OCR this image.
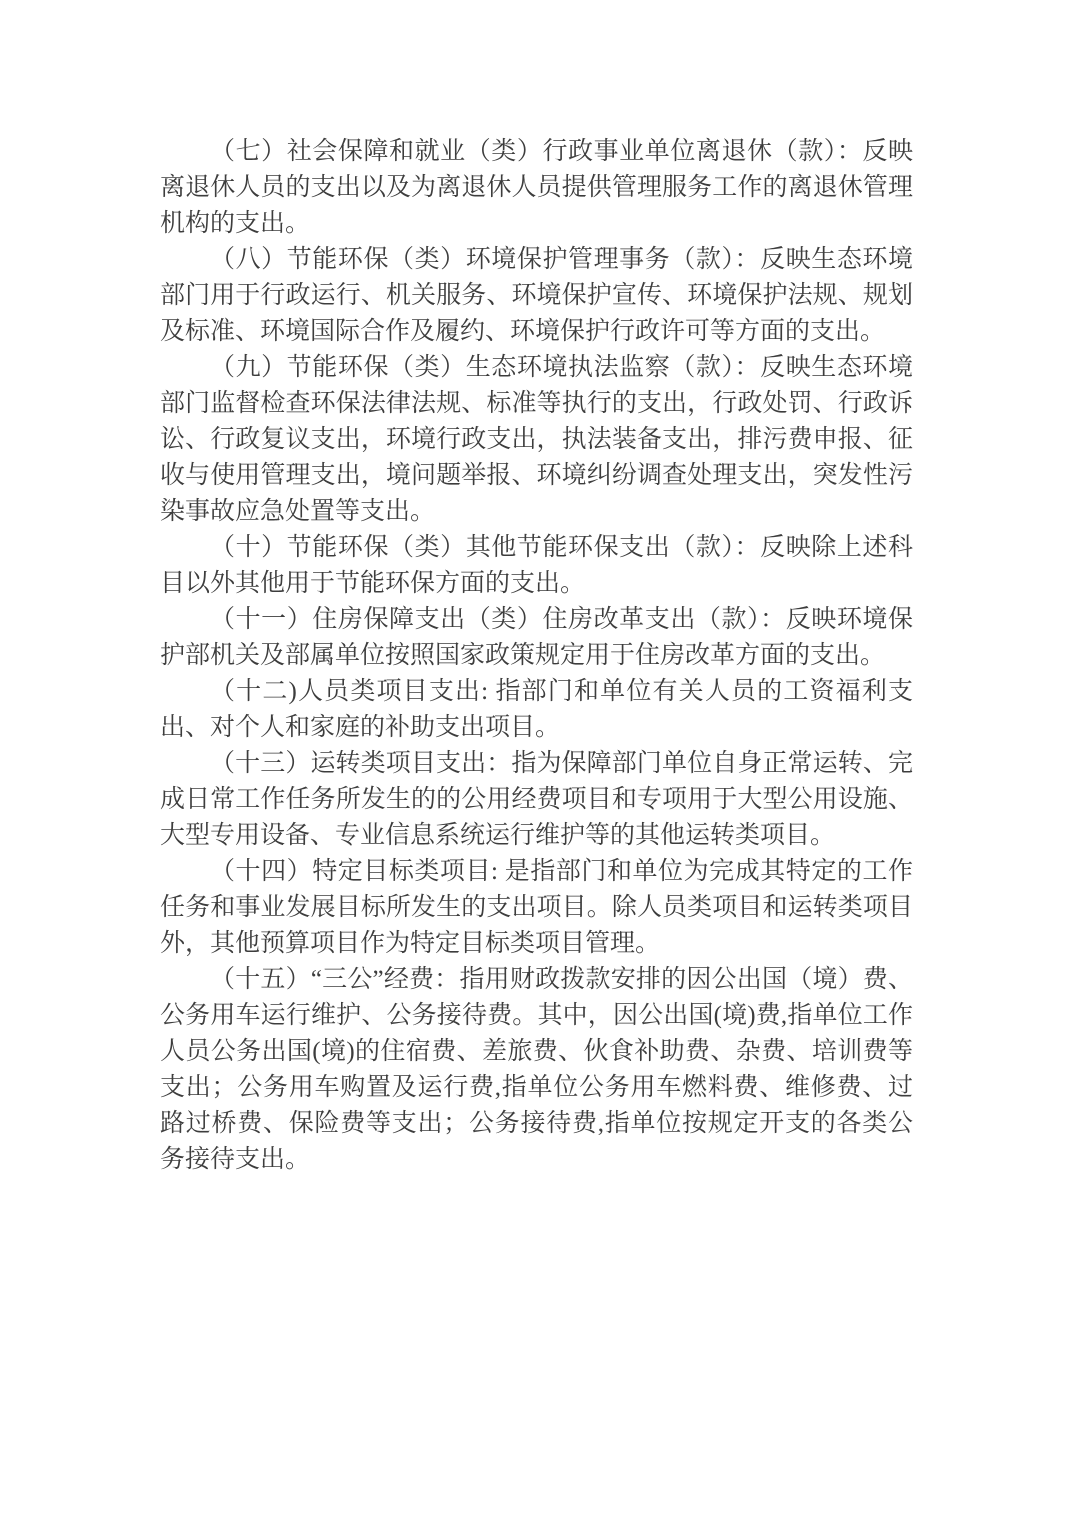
（七）社会保障和就业（类）行政事业单位离退休（款）：反映离退休人员的支出以及为离退休人员提供管理服务工作的离退休管理机构的支出。

（八）节能环保（类）环境保护管理事务（款）：反映生态环境部门用于行政运行、机关服务、环境保护宣传、环境保护法规、规划及标准、环境国际合作及履约、环境保护行政许可等方面的支出。

（九）节能环保（类）生态环境执法监察（款）：反映生态环境部门监督检查环保法律法规、标准等执行的支出，行政处罚、行政诉讼、行政复议支出，环境行政支出，执法装备支出，排污费申报、征收与使用管理支出，境问题举报、环境纠纷调查处理支出，突发性污染事故应急处置等支出。

（十）节能环保（类）其他节能环保支出（款）：反映除上述科目以外其他用于节能环保方面的支出。

（十一）住房保障支出（类）住房改革支出（款）：反映环境保护部机关及部属单位按照国家政策规定用于住房改革方面的支出。

（十二)人员类项目支出: 指部门和单位有关人员的工资福利支出、对个人和家庭的补助支出项目。

（十三）运转类项目支出：指为保障部门单位自身正常运转、完成日常工作任务所发生的的公用经费项目和专项用于大型公用设施、大型专用设备、专业信息系统运行维护等的其他运转类项目。

（十四）特定目标类项目: 是指部门和单位为完成其特定的工作任务和事业发展目标所发生的支出项目。除人员类项目和运转类项目外，其他预算项目作为特定目标类项目管理。

（十五）“三公”经费：指用财政拨款安排的因公出国（境）费、公务用车运行维护、公务接待费。其中，因公出国(境)费,指单位工作人员公务出国(境)的住宿费、差旅费、伙食补助费、杂费、培训费等支出；公务用车购置及运行费,指单位公务用车燃料费、维修费、过路过桥费、保险费等支出；公务接待费,指单位按规定开支的各类公务接待支出。
